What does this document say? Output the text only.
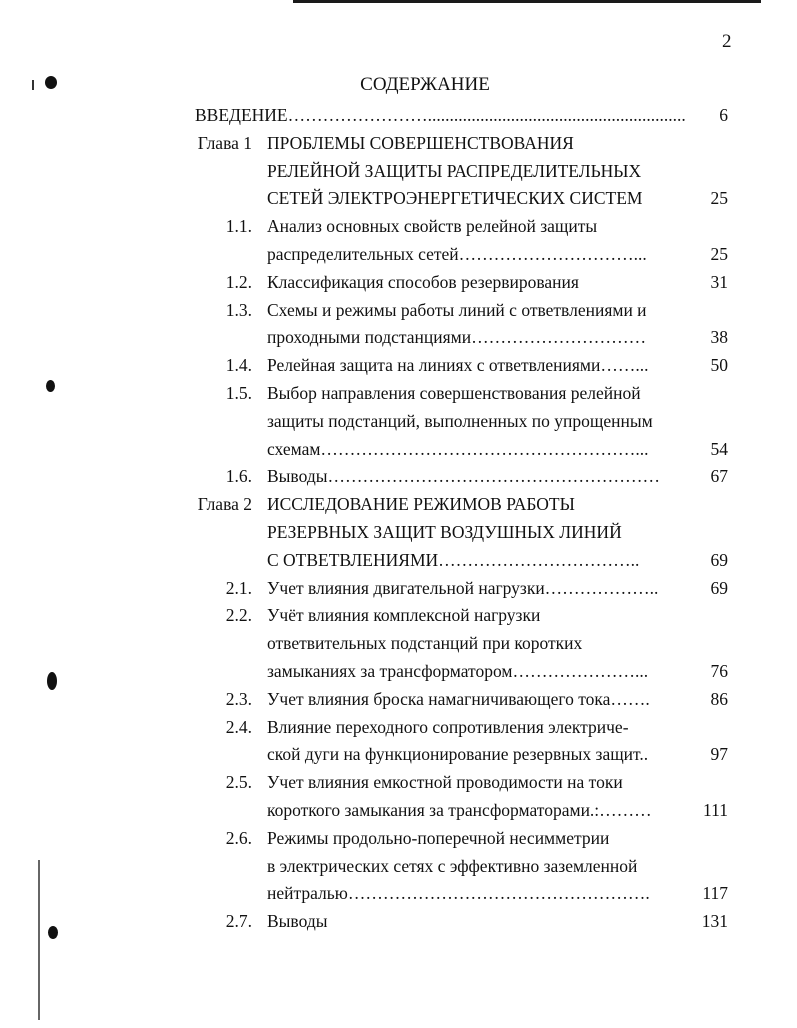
2
СОДЕРЖАНИЕ
ВВЕДЕНИЕ……………………...........................................................	6
Глава 1 ПРОБЛЕМЫ СОВЕРШЕНСТВОВАНИЯ
РЕЛЕЙНОЙ ЗАЩИТЫ РАСПРЕДЕЛИТЕЛЬНЫХ
СЕТЕЙ ЭЛЕКТРОЭНЕРГЕТИЧЕСКИХ СИСТЕМ	25
1.1. Анализ основных свойств релейной защиты
распределительных сетей…………………………...	25
1.2. Классификация способов резервирования	31
1.3. Схемы и режимы работы линий с ответвлениями и
проходными подстанциями…………………………	38
1.4. Релейная защита на линиях с ответвлениями……...	50
1.5. Выбор направления совершенствования релейной
защиты подстанций, выполненных по упрощенным
схемам………………………………………………...	54
1.6. Выводы…………………………………………………	67
Глава 2 ИССЛЕДОВАНИЕ РЕЖИМОВ РАБОТЫ
РЕЗЕРВНЫХ ЗАЩИТ ВОЗДУШНЫХ ЛИНИЙ
С ОТВЕТВЛЕНИЯМИ……………………………..	69
2.1. Учет влияния двигательной нагрузки………………..	69
2.2. Учёт влияния комплексной нагрузки
ответвительных подстанций при коротких
замыканиях за трансформатором…………………...	76
2.3. Учет влияния броска намагничивающего тока…….	86
2.4. Влияние переходного сопротивления электриче-
ской дуги на функционирование резервных защит..	97
2.5. Учет влияния емкостной проводимости на токи
короткого замыкания за трансформаторами.:………	111
2.6. Режимы продольно-поперечной несимметрии
в электрических сетях с эффективно заземленной
нейтралью…………………………………………….	117
2.7. Выводы	131
